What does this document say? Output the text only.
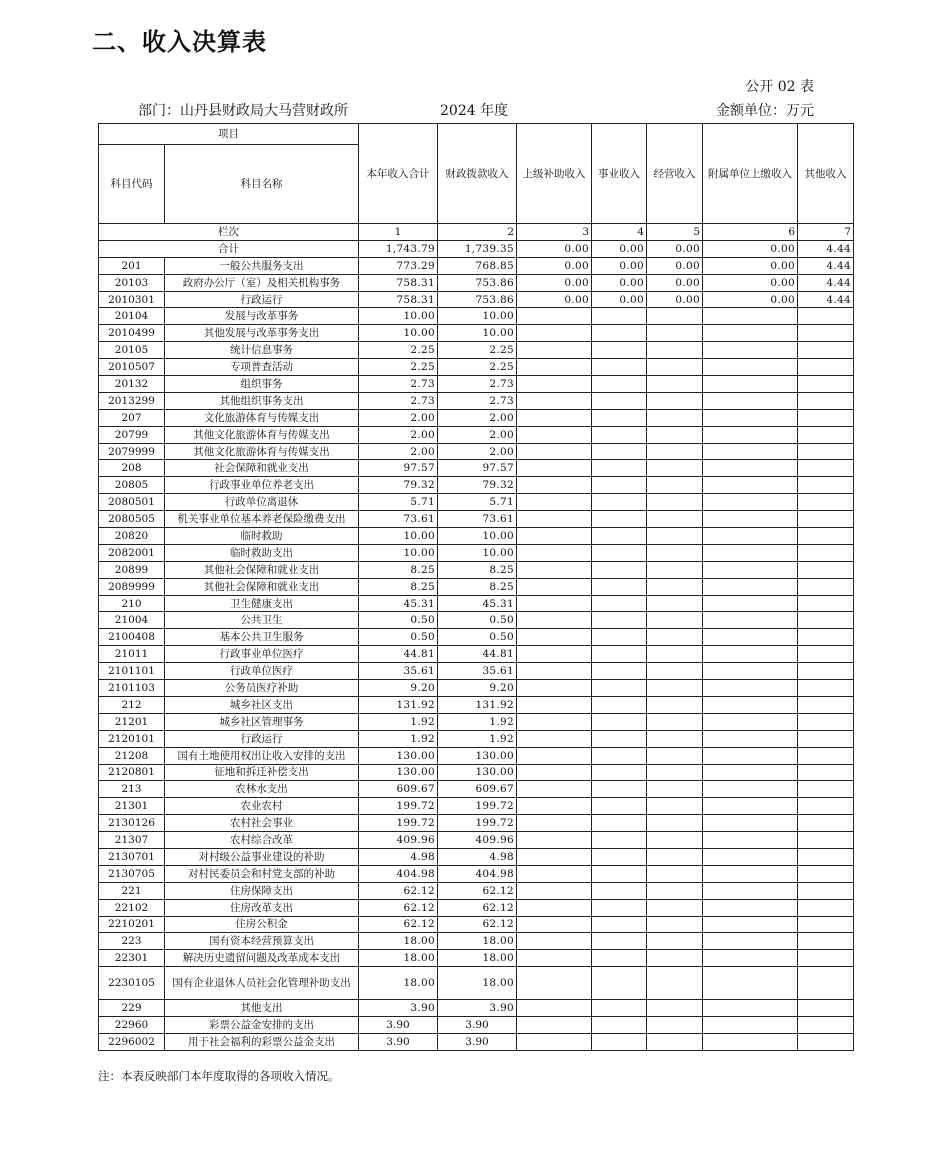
二、收入决算表
公开 02 表
部门：山丹县财政局大马营财政所	2024 年度	金额单位：万元
项目		本年收入合计	财政拨款收入	上级补助收入	事业收入	经营收入	附属单位上缴收入	其他收入
科目代码	科目名称							
栏次		1	2	3	4	5	6	7
合计		1,743.79	1,739.35	0.00	0.00	0.00	0.00	4.44
201	一般公共服务支出	773.29	768.85	0.00	0.00	0.00	0.00	4.44
20103	政府办公厅（室）及相关机构事务	758.31	753.86	0.00	0.00	0.00	0.00	4.44
2010301	行政运行	758.31	753.86	0.00	0.00	0.00	0.00	4.44
20104	发展与改革事务	10.00	10.00					
2010499	其他发展与改革事务支出	10.00	10.00					
20105	统计信息事务	2.25	2.25					
2010507	专项普查活动	2.25	2.25					
20132	组织事务	2.73	2.73					
2013299	其他组织事务支出	2.73	2.73					
207	文化旅游体育与传媒支出	2.00	2.00					
20799	其他文化旅游体育与传媒支出	2.00	2.00					
2079999	其他文化旅游体育与传媒支出	2.00	2.00					
208	社会保障和就业支出	97.57	97.57					
20805	行政事业单位养老支出	79.32	79.32					
2080501	行政单位离退休	5.71	5.71					
2080505	机关事业单位基本养老保险缴费支出	73.61	73.61					
20820	临时救助	10.00	10.00					
2082001	临时救助支出	10.00	10.00					
20899	其他社会保障和就业支出	8.25	8.25					
2089999	其他社会保障和就业支出	8.25	8.25					
210	卫生健康支出	45.31	45.31					
21004	公共卫生	0.50	0.50					
2100408	基本公共卫生服务	0.50	0.50					
21011	行政事业单位医疗	44.81	44.81					
2101101	行政单位医疗	35.61	35.61					
2101103	公务员医疗补助	9.20	9.20					
212	城乡社区支出	131.92	131.92					
21201	城乡社区管理事务	1.92	1.92					
2120101	行政运行	1.92	1.92					
21208	国有土地使用权出让收入安排的支出	130.00	130.00					
2120801	征地和拆迁补偿支出	130.00	130.00					
213	农林水支出	609.67	609.67					
21301	农业农村	199.72	199.72					
2130126	农村社会事业	199.72	199.72					
21307	农村综合改革	409.96	409.96					
2130701	对村级公益事业建设的补助	4.98	4.98					
2130705	对村民委员会和村党支部的补助	404.98	404.98					
221	住房保障支出	62.12	62.12					
22102	住房改革支出	62.12	62.12					
2210201	住房公积金	62.12	62.12					
223	国有资本经营预算支出	18.00	18.00					
22301	解决历史遗留问题及改革成本支出	18.00	18.00					
2230105	国有企业退休人员社会化管理补助支出	18.00	18.00					
229	其他支出	3.90	3.90					
22960	彩票公益金安排的支出	3.90	3.90					
2296002	用于社会福利的彩票公益金支出	3.90	3.90					
注：本表反映部门本年度取得的各项收入情况。
